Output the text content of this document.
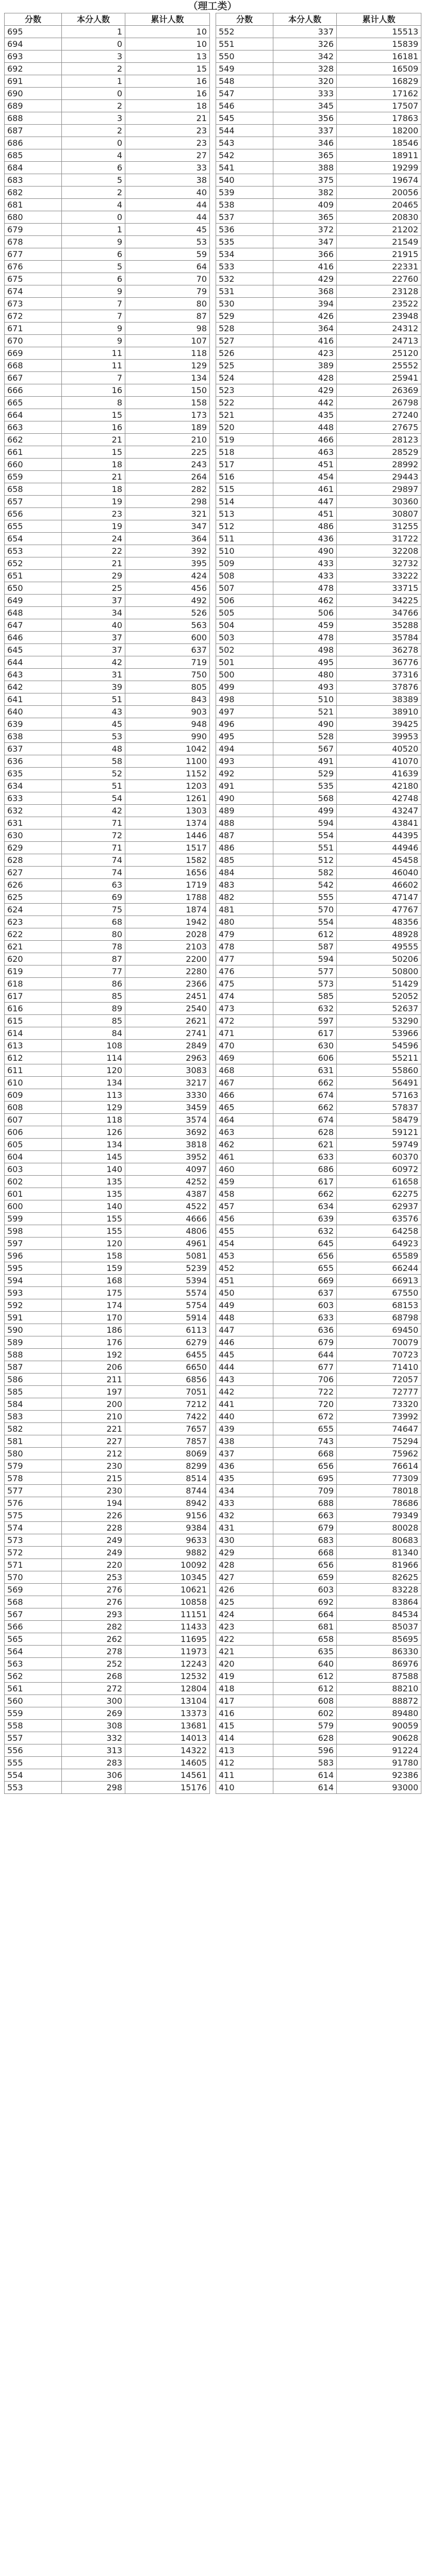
（理工类）
分数	本分人数	累计人数
695	1	10
694	0	10
693	3	13
692	2	15
691	1	16
690	0	16
689	2	18
688	3	21
687	2	23
686	0	23
685	4	27
684	6	33
683	5	38
682	2	40
681	4	44
680	0	44
679	1	45
678	9	53
677	6	59
676	5	64
675	6	70
674	9	79
673	7	80
672	7	87
671	9	98
670	9	107
669	11	118
668	11	129
667	7	134
666	16	150
665	8	158
664	15	173
663	16	189
662	21	210
661	15	225
660	18	243
659	21	264
658	18	282
657	19	298
656	23	321
655	19	347
654	24	364
653	22	392
652	21	395
651	29	424
650	25	456
649	37	492
648	34	526
647	40	563
646	37	600
645	37	637
644	42	719
643	31	750
642	39	805
641	51	843
640	43	903
639	45	948
638	53	990
637	48	1042
636	58	1100
635	52	1152
634	51	1203
633	54	1261
632	42	1303
631	71	1374
630	72	1446
629	71	1517
628	74	1582
627	74	1656
626	63	1719
625	69	1788
624	75	1874
623	68	1942
622	80	2028
621	78	2103
620	87	2200
619	77	2280
618	86	2366
617	85	2451
616	89	2540
615	85	2621
614	84	2741
613	108	2849
612	114	2963
611	120	3083
610	134	3217
609	113	3330
608	129	3459
607	118	3574
606	126	3692
605	134	3818
604	145	3952
603	140	4097
602	135	4252
601	135	4387
600	140	4522
599	155	4666
598	155	4806
597	120	4961
596	158	5081
595	159	5239
594	168	5394
593	175	5574
592	174	5754
591	170	5914
590	186	6113
589	176	6279
588	192	6455
587	206	6650
586	211	6856
585	197	7051
584	200	7212
583	210	7422
582	221	7657
581	227	7857
580	212	8069
579	230	8299
578	215	8514
577	230	8744
576	194	8942
575	226	9156
574	228	9384
573	249	9633
572	249	9882
571	220	10092
570	253	10345
569	276	10621
568	276	10858
567	293	11151
566	282	11433
565	262	11695
564	278	11973
563	252	12243
562	268	12532
561	272	12804
560	300	13104
559	269	13373
558	308	13681
557	332	14013
556	313	14322
555	283	14605
554	306	14561
553	298	15176
分数	本分人数	累计人数
552	337	15513
551	326	15839
550	342	16181
549	328	16509
548	320	16829
547	333	17162
546	345	17507
545	356	17863
544	337	18200
543	346	18546
542	365	18911
541	388	19299
540	375	19674
539	382	20056
538	409	20465
537	365	20830
536	372	21202
535	347	21549
534	366	21915
533	416	22331
532	429	22760
531	368	23128
530	394	23522
529	426	23948
528	364	24312
527	416	24713
526	423	25120
525	389	25552
524	428	25941
523	429	26369
522	442	26798
521	435	27240
520	448	27675
519	466	28123
518	463	28529
517	451	28992
516	454	29443
515	461	29897
514	447	30360
513	451	30807
512	486	31255
511	436	31722
510	490	32208
509	433	32732
508	433	33222
507	478	33715
506	462	34225
505	506	34766
504	459	35288
503	478	35784
502	498	36278
501	495	36776
500	480	37316
499	493	37876
498	510	38389
497	521	38910
496	490	39425
495	528	39953
494	567	40520
493	491	41070
492	529	41639
491	535	42180
490	568	42748
489	499	43247
488	594	43841
487	554	44395
486	551	44946
485	512	45458
484	582	46040
483	542	46602
482	555	47147
481	570	47767
480	554	48356
479	612	48928
478	587	49555
477	594	50206
476	577	50800
475	573	51429
474	585	52052
473	632	52637
472	597	53290
471	617	53966
470	630	54596
469	606	55211
468	631	55860
467	662	56491
466	674	57163
465	662	57837
464	674	58479
463	628	59121
462	621	59749
461	633	60370
460	686	60972
459	617	61658
458	662	62275
457	634	62937
456	639	63576
455	632	64258
454	645	64923
453	656	65589
452	655	66244
451	669	66913
450	637	67550
449	603	68153
448	633	68798
447	636	69450
446	679	70079
445	644	70723
444	677	71410
443	706	72057
442	722	72777
441	720	73320
440	672	73992
439	655	74647
438	743	75294
437	668	75962
436	656	76614
435	695	77309
434	709	78018
433	688	78686
432	663	79349
431	679	80028
430	683	80683
429	668	81340
428	656	81966
427	659	82625
426	603	83228
425	692	83864
424	664	84534
423	681	85037
422	658	85695
421	635	86330
420	640	86976
419	612	87588
418	612	88210
417	608	88872
416	602	89480
415	579	90059
414	628	90628
413	596	91224
412	583	91780
411	614	92386
410	614	93000
